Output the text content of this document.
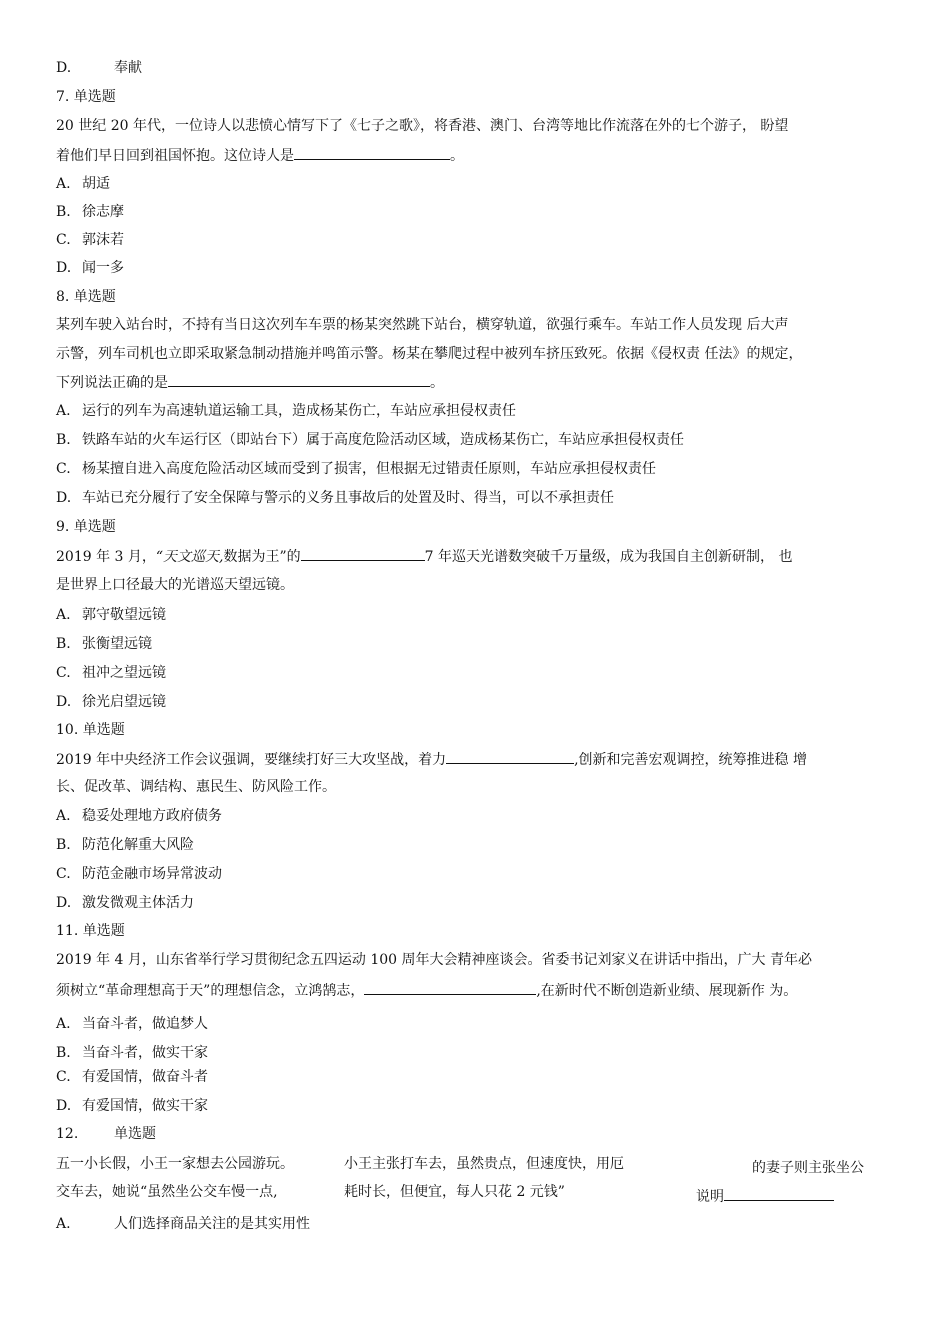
D.	奉献
7. 单选题
20 世纪 20 年代，一位诗人以悲愤心情写下了《七子之歌》，将香港、澳门、台湾等地比作流落在外的七个游子， 盼望
着他们早日回到祖国怀抱。这位诗人是	。
A. 胡适
B. 徐志摩
C. 郭沫若
D. 闻一多
8. 单选题
某列车驶入站台时，不持有当日这次列车车票的杨某突然跳下站台，横穿轨道，欲强行乘车。车站工作人员发现 后大声
示警，列车司机也立即采取紧急制动措施并鸣笛示警。杨某在攀爬过程中被列车挤压致死。依据《侵权责 任法》的规定，
下列说法正确的是	。
A. 运行的列车为高速轨道运输工具，造成杨某伤亡，车站应承担侵权责任
B. 铁路车站的火车运行区（即站台下）属于高度危险活动区域，造成杨某伤亡，车站应承担侵权责任
C. 杨某擅自进入高度危险活动区域而受到了损害，但根据无过错责任原则，车站应承担侵权责任
D. 车站已充分履行了安全保障与警示的义务且事故后的处置及时、得当，可以不承担责任
9. 单选题
2019 年 3 月，“天文巡天,数据为王”的	7 年巡天光谱数突破千万量级，成为我国自主创新研制， 也
是世界上口径最大的光谱巡天望远镜。
A. 郭守敬望远镜
B. 张衡望远镜
C. 祖冲之望远镜
D. 徐光启望远镜
10. 单选题
2019 年中央经济工作会议强调，要继续打好三大攻坚战，着力	,创新和完善宏观调控，统筹推进稳 增
长、促改革、调结构、惠民生、防风险工作。
A. 稳妥处理地方政府债务
B. 防范化解重大风险
C. 防范金融市场异常波动
D. 激发微观主体活力
11. 单选题
2019 年 4 月，山东省举行学习贯彻纪念五四运动 100 周年大会精神座谈会。省委书记刘家义在讲话中指出，广大 青年必
须树立“革命理想高于天”的理想信念，立鸿鹄志，	,在新时代不断创造新业绩、展现新作 为。
A. 当奋斗者，做追梦人
B. 当奋斗者，做实干家
C. 有爱国情，做奋斗者
D. 有爱国情，做实干家
12.	单选题
五一小长假，小王一家想去公园游玩。
交车去，她说“虽然坐公交车慢一点,
小王主张打车去，虽然贵点，但速度快，用厄
耗时长，但便宜，每人只花 2 元钱”
的妻子则主张坐公
说明
A.	人们选择商品关注的是其实用性
